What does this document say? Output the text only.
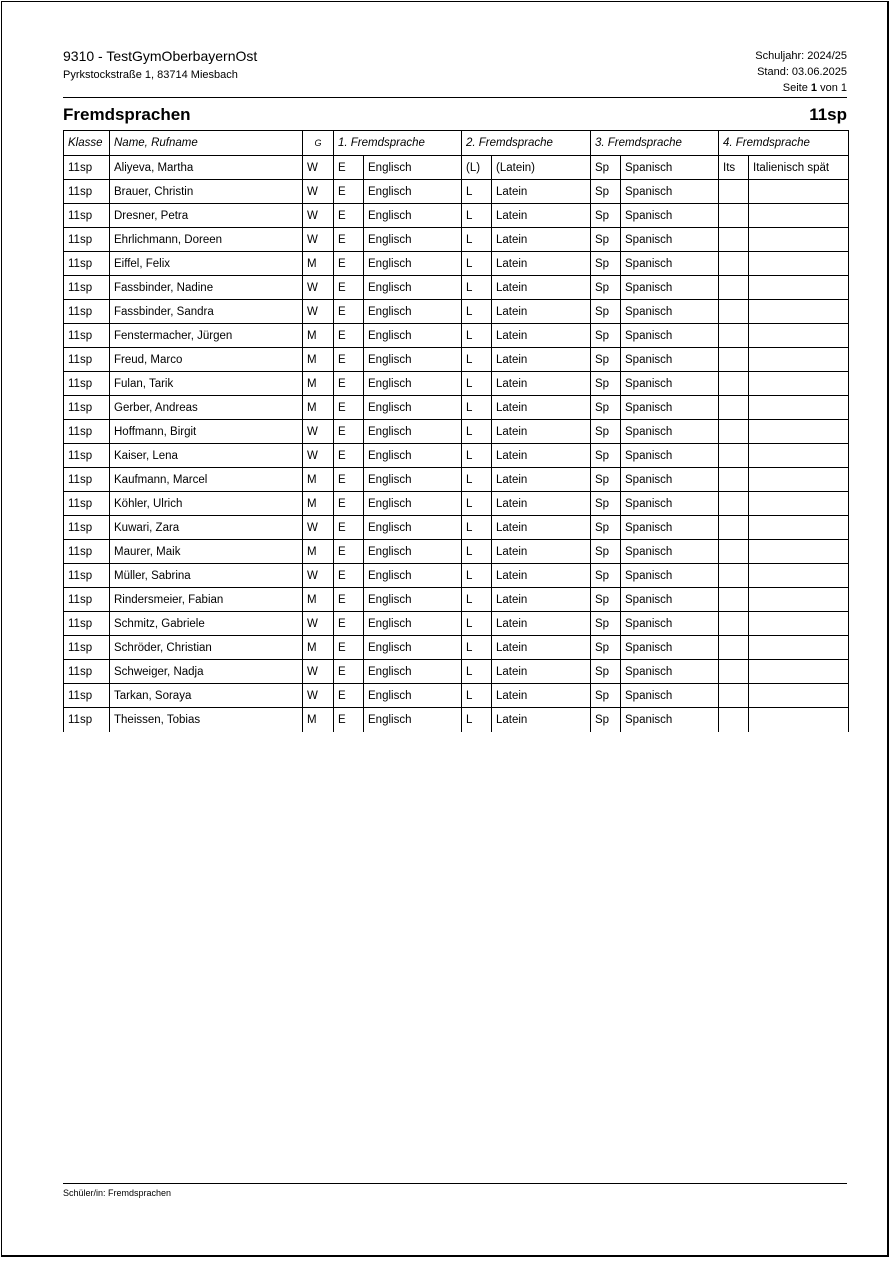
9310 - TestGymOberbayernOst
Pyrkstockstraße 1, 83714 Miesbach
Schuljahr: 2024/25
Stand: 03.06.2025
Seite 1 von 1
Fremdsprachen	11sp
Klasse	Name, Rufname	G	1. Fremdsprache		2. Fremdsprache		3. Fremdsprache		4. Fremdsprache	
11sp	Aliyeva, Martha	W	E	Englisch	(L)	(Latein)	Sp	Spanisch	Its	Italienisch spät
11sp	Brauer, Christin	W	E	Englisch	L	Latein	Sp	Spanisch		
11sp	Dresner, Petra	W	E	Englisch	L	Latein	Sp	Spanisch		
11sp	Ehrlichmann, Doreen	W	E	Englisch	L	Latein	Sp	Spanisch		
11sp	Eiffel, Felix	M	E	Englisch	L	Latein	Sp	Spanisch		
11sp	Fassbinder, Nadine	W	E	Englisch	L	Latein	Sp	Spanisch		
11sp	Fassbinder, Sandra	W	E	Englisch	L	Latein	Sp	Spanisch		
11sp	Fenstermacher, Jürgen	M	E	Englisch	L	Latein	Sp	Spanisch		
11sp	Freud, Marco	M	E	Englisch	L	Latein	Sp	Spanisch		
11sp	Fulan, Tarik	M	E	Englisch	L	Latein	Sp	Spanisch		
11sp	Gerber, Andreas	M	E	Englisch	L	Latein	Sp	Spanisch		
11sp	Hoffmann, Birgit	W	E	Englisch	L	Latein	Sp	Spanisch		
11sp	Kaiser, Lena	W	E	Englisch	L	Latein	Sp	Spanisch		
11sp	Kaufmann, Marcel	M	E	Englisch	L	Latein	Sp	Spanisch		
11sp	Köhler, Ulrich	M	E	Englisch	L	Latein	Sp	Spanisch		
11sp	Kuwari, Zara	W	E	Englisch	L	Latein	Sp	Spanisch		
11sp	Maurer, Maik	M	E	Englisch	L	Latein	Sp	Spanisch		
11sp	Müller, Sabrina	W	E	Englisch	L	Latein	Sp	Spanisch		
11sp	Rindersmeier, Fabian	M	E	Englisch	L	Latein	Sp	Spanisch		
11sp	Schmitz, Gabriele	W	E	Englisch	L	Latein	Sp	Spanisch		
11sp	Schröder, Christian	M	E	Englisch	L	Latein	Sp	Spanisch		
11sp	Schweiger, Nadja	W	E	Englisch	L	Latein	Sp	Spanisch		
11sp	Tarkan, Soraya	W	E	Englisch	L	Latein	Sp	Spanisch		
11sp	Theissen, Tobias	M	E	Englisch	L	Latein	Sp	Spanisch		
Schüler/in: Fremdsprachen
